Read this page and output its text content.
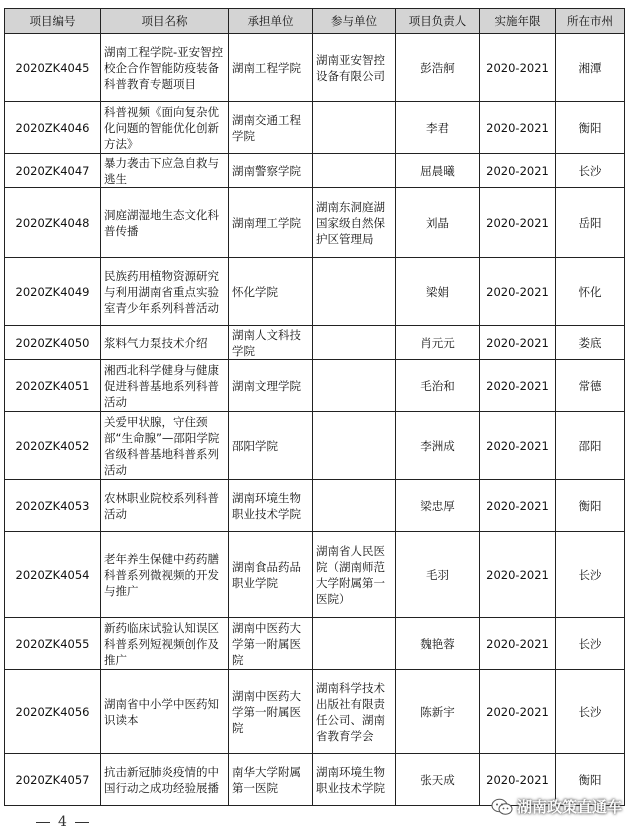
项目编号	项目名称	承担单位	参与单位	项目负责人	实施年限	所在市州
2020ZK4045	湖南工程学院-亚安智控校企合作智能防疫装备科普教育专题项目	湖南工程学院	湖南亚安智控设备有限公司	彭浩舸	2020-2021	湘潭
2020ZK4046	科普视频《面向复杂优化问题的智能优化创新方法》	湖南交通工程学院		李君	2020-2021	衡阳
2020ZK4047	暴力袭击下应急自救与逃生	湖南警察学院		屈晨曦	2020-2021	长沙
2020ZK4048	洞庭湖湿地生态文化科普传播	湖南理工学院	湖南东洞庭湖国家级自然保护区管理局	刘晶	2020-2021	岳阳
2020ZK4049	民族药用植物资源研究与利用湖南省重点实验室青少年系列科普活动	怀化学院		梁娟	2020-2021	怀化
2020ZK4050	浆料气力泵技术介绍	湖南人文科技学院		肖元元	2020-2021	娄底
2020ZK4051	湘西北科学健身与健康促进科普基地系列科普活动	湖南文理学院		毛治和	2020-2021	常德
2020ZK4052	关爱甲状腺，守住颈部“生命腺”—邵阳学院省级科普基地科普系列活动	邵阳学院		李洲成	2020-2021	邵阳
2020ZK4053	农林职业院校系列科普活动	湖南环境生物职业技术学院		梁忠厚	2020-2021	衡阳
2020ZK4054	老年养生保健中药药膳科普系列微视频的开发与推广	湖南食品药品职业学院	湖南省人民医院（湖南师范大学附属第一医院）	毛羽	2020-2021	长沙
2020ZK4055	新药临床试验认知误区科普系列短视频创作及推广	湖南中医药大学第一附属医院		魏艳蓉	2020-2021	长沙
2020ZK4056	湖南省中小学中医药知识读本	湖南中医药大学第一附属医院	湖南科学技术出版社有限责任公司、湖南省教育学会	陈新宇	2020-2021	长沙
2020ZK4057	抗击新冠肺炎疫情的中国行动之成功经验展播	南华大学附属第一医院	湖南环境生物职业技术学院	张天成	2020-2021	衡阳
4
湖南政策直通车
